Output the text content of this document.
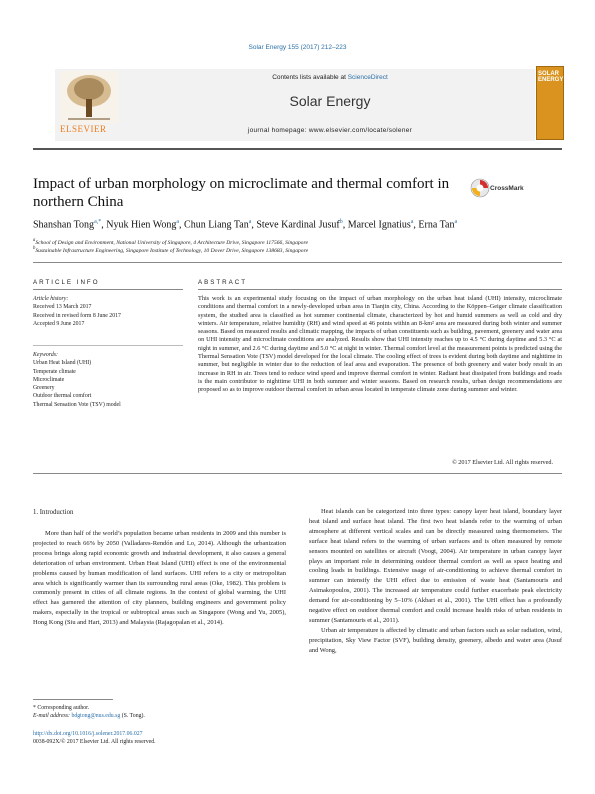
Solar Energy 155 (2017) 212–223
ELSEVIER
Contents lists available at ScienceDirect
Solar Energy
journal homepage: www.elsevier.com/locate/solener
SOLAR ENERGY
Impact of urban morphology on microclimate and thermal comfort in northern China
CrossMark
Shanshan Tong$^{a,*}$, Nyuk Hien Wong$^a$, Chun Liang Tan$^a$, Steve Kardinal Jusuf$^b$, Marcel Ignatius$^a$, Erna Tan$^a$
$^a$School of Design and Environment, National University of Singapore, 4 Architecture Drive, Singapore 117566, Singapore
$^b$Sustainable Infrastructure Engineering, Singapore Institute of Technology, 10 Dover Drive, Singapore 138683, Singapore
ARTICLE INFO	ABSTRACT
Article history:
Received 13 March 2017
Received in revised form 8 June 2017
Accepted 9 June 2017
Keywords:
Urban Heat Island (UHI)
Temperate climate
Microclimate
Greenery
Outdoor thermal comfort
Thermal Sensation Vote (TSV) model
This work is an experimental study focusing on the impact of urban morphology on the urban heat island (UHI) intensity, microclimate conditions and thermal comfort in a newly-developed urban area in Tianjin city, China. According to the Köppen–Geiger climate classification system, the studied area is classified as hot summer continental climate, characterized by hot and humid summers as well as cold and dry winters. Air temperature, relative humidity (RH) and wind speed at 46 points within an 8-km² area are measured during both winter and summer seasons. Based on measured results and climatic mapping, the impacts of urban constituents such as building, pavement, greenery and water area on UHI intensity and microclimate conditions are analyzed. Results show that UHI intensity reaches up to 4.5 °C during daytime and 5.3 °C at night in summer, and 2.6 °C during daytime and 5.0 °C at night in winter. Thermal comfort level at the measurement points is predicted using the Thermal Sensation Vote (TSV) model developed for the local climate. The cooling effect of trees is evident during both daytime and nighttime in summer, but negligible in winter due to the reduction of leaf area and evaporation. The presence of both greenery and water body result in an increase in RH in air. Trees tend to reduce wind speed and improve thermal comfort in winter. Radiant heat dissipated from buildings and roads is the main contributor to nighttime UHI in both summer and winter seasons. Based on research results, urban design recommendations are proposed so as to improve outdoor thermal comfort in urban areas located in temperate climate zone during summer and winter.
© 2017 Elsevier Ltd. All rights reserved.
1. Introduction

More than half of the world’s population became urban residents in 2009 and this number is projected to reach 66% by 2050 (Valladares-Rendón and Lo, 2014). Although the urbanization process brings along rapid economic growth and industrial development, it also causes a general deterioration of urban environment. Urban Heat Island (UHI) effect is one of the environmental problems caused by human modification of land surfaces. UHI refers to a city or metropolitan area which is significantly warmer than its surrounding rural areas (Oke, 1982). This problem is commonly present in cities of all climate regions. In the context of global warming, the UHI effect has garnered the attention of city planners, building engineers and government policy makers, especially in the tropical or subtropical areas such as Singapore (Wong and Yu, 2005), Hong Kong (Siu and Hart, 2013) and Malaysia (Rajagopalan et al., 2014).

Heat islands can be categorized into three types: canopy layer heat island, boundary layer heat island and surface heat island. The first two heat islands refer to the warming of urban atmosphere at different vertical scales and can be directly measured using thermometers. The surface heat island refers to the warming of urban surfaces and is often measured by remote sensors mounted on satellites or aircraft (Voogt, 2004). Air temperature in urban canopy layer plays an important role in determining outdoor thermal comfort as well as space heating and cooling loads in buildings. Extensive usage of air-conditioning to achieve thermal comfort in summer can intensify the UHI effect due to emission of waste heat (Santamouris and Asimakopoulos, 2001). The increased air temperature could further exacerbate peak electricity demand for air-conditioning by 5–10% (Akbari et al., 2001). The UHI effect has a profoundly negative effect on outdoor thermal comfort and could increase health risks of urban residents in summer (Santamouris et al., 2011).

Urban air temperature is affected by climatic and urban factors such as solar radiation, wind, precipitation, Sky View Factor (SVF), building density, greenery, albedo and water area (Jusuf and Wong,

* Corresponding author.
E-mail address: bdgtong@nus.edu.sg (S. Tong).
http://dx.doi.org/10.1016/j.solener.2017.06.027
0038-092X/© 2017 Elsevier Ltd. All rights reserved.
